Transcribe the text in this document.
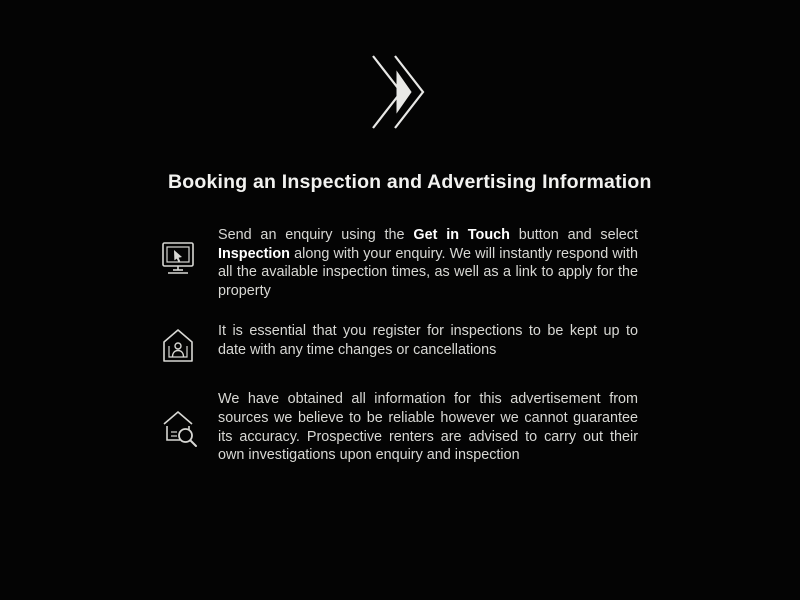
Booking an Inspection and Advertising Information
Send an enquiry using the Get in Touch button and select Inspection along with your enquiry. We will instantly respond with all the available inspection times, as well as a link to apply for the property
It is essential that you register for inspections to be kept up to date with any time changes or cancellations
We have obtained all information for this advertisement from sources we believe to be reliable however we cannot guarantee its accuracy. Prospective renters are advised to carry out their own investigations upon enquiry and inspection
